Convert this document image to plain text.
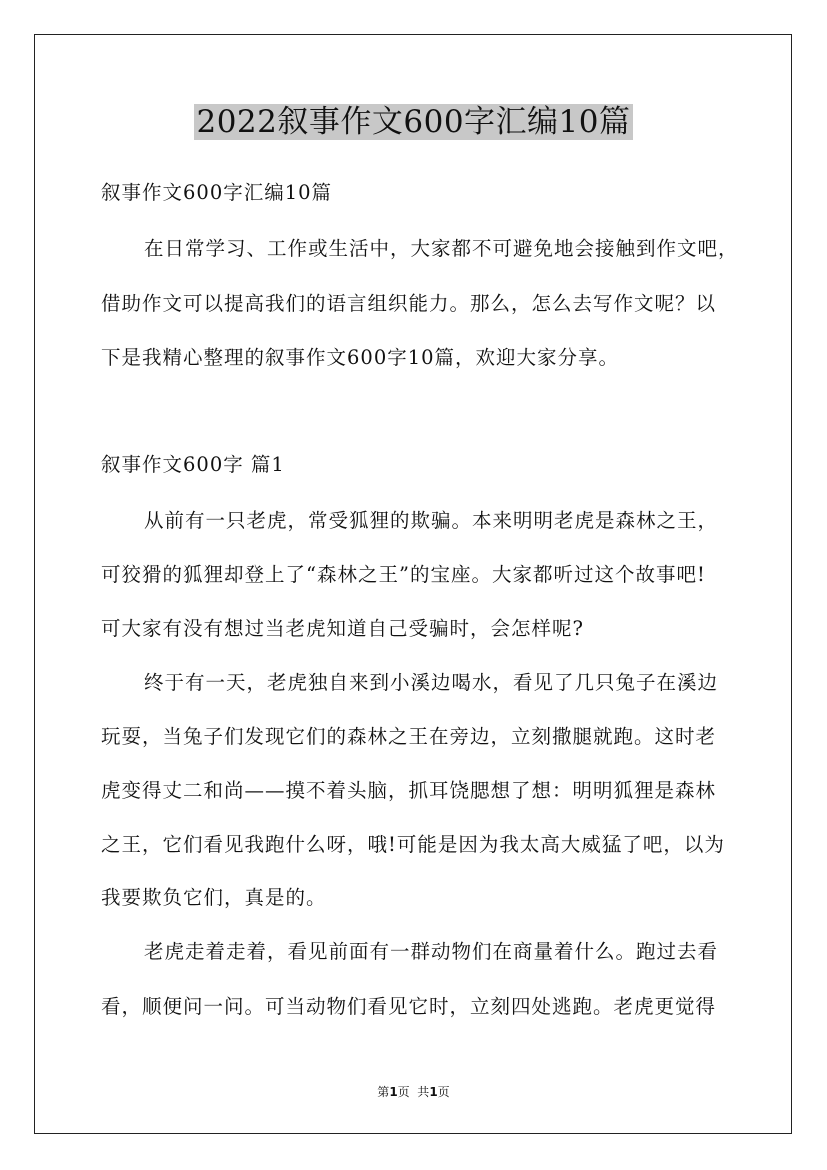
2022叙事作文600字汇编10篇
叙事作文600字汇编10篇
在日常学习、工作或生活中，大家都不可避免地会接触到作文吧，
借助作文可以提高我们的语言组织能力。那么，怎么去写作文呢？以
下是我精心整理的叙事作文600字10篇，欢迎大家分享。
叙事作文600字 篇1
从前有一只老虎，常受狐狸的欺骗。本来明明老虎是森林之王，
可狡猾的狐狸却登上了“森林之王”的宝座。大家都听过这个故事吧!
可大家有没有想过当老虎知道自己受骗时，会怎样呢?
终于有一天，老虎独自来到小溪边喝水，看见了几只兔子在溪边
玩耍，当兔子们发现它们的森林之王在旁边，立刻撒腿就跑。这时老
虎变得丈二和尚——摸不着头脑，抓耳饶腮想了想：明明狐狸是森林
之王，它们看见我跑什么呀，哦!可能是因为我太高大威猛了吧，以为
我要欺负它们，真是的。
老虎走着走着，看见前面有一群动物们在商量着什么。跑过去看
看，顺便问一问。可当动物们看见它时，立刻四处逃跑。老虎更觉得
第1页  共1页
